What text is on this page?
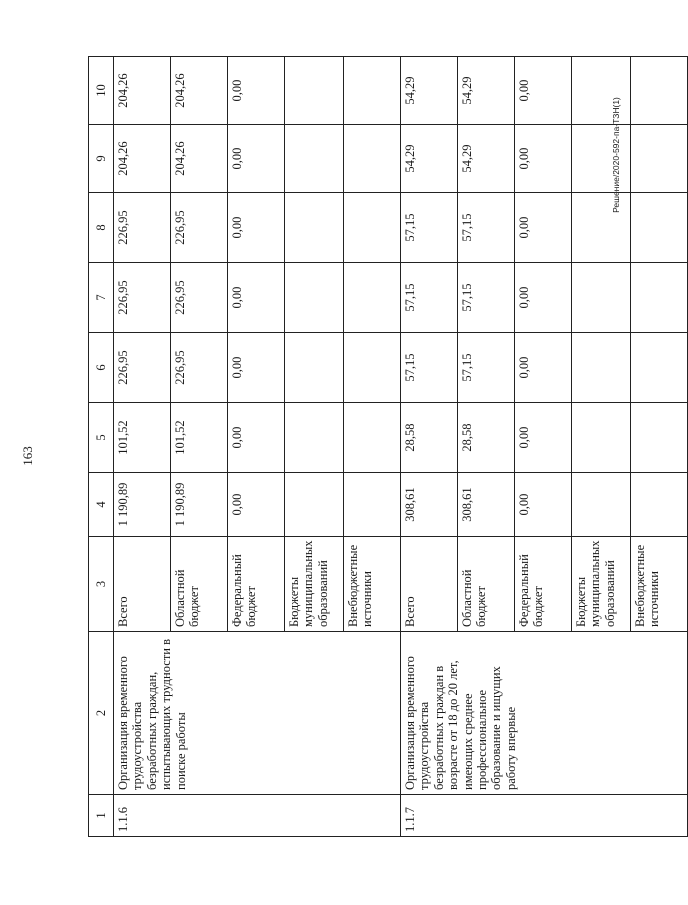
163
Решение/2020-592-па-ТЗН(1)
1	2	3	4	5	6	7	8	9	10
1.1.6	Организация временного трудоустройства безработных граждан, испытывающих трудности в поиске работы	Всего	1 190,89	101,52	226,95	226,95	226,95	204,26	204,26
		Областной бюджет	1 190,89	101,52	226,95	226,95	226,95	204,26	204,26
		Федеральный бюджет	0,00	0,00	0,00	0,00	0,00	0,00	0,00
		Бюджеты муниципальных образований							
		Внебюджетные источники							
1.1.7	Организация временного трудоустройства безработных граждан в возрасте от 18 до 20 лет, имеющих среднее профессиональное образование и ищущих работу впервые	Всего	308,61	28,58	57,15	57,15	57,15	54,29	54,29
		Областной бюджет	308,61	28,58	57,15	57,15	57,15	54,29	54,29
		Федеральный бюджет	0,00	0,00	0,00	0,00	0,00	0,00	0,00
		Бюджеты муниципальных образований							
		Внебюджетные источники							
